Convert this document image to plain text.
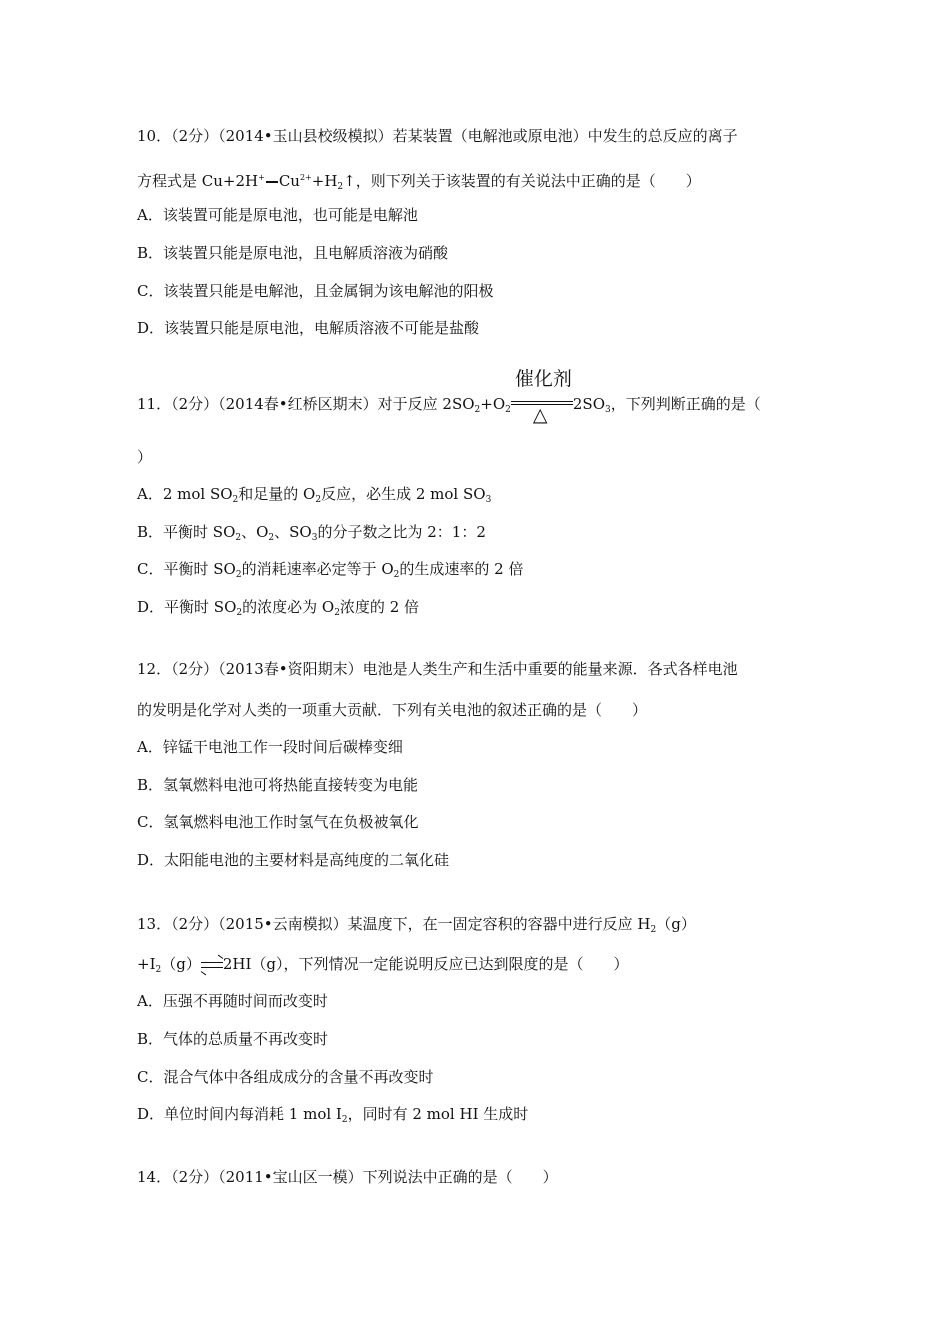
10．（2分）（2014•玉山县校级模拟）若某装置（电解池或原电池）中发生的总反应的离子
方程式是 Cu+2H+ $Cu^{2+}+H_2↑$，则下列关于该装置的有关说法中正确的是（　　）
A．该装置可能是原电池，也可能是电解池
B．该装置只能是原电池，且电解质溶液为硝酸
C．该装置只能是电解池，且金属铜为该电解池的阳极
D．该装置只能是原电池，电解质溶液不可能是盐酸
11．（2分）（2014春•红桥区期末）对于反应 $2SO_2+O_2$
催化剂
△ $2SO_3$，下列判断正确的是（
）
A．2 mol $SO_2$和足量的 $O_2$反应，必生成 2 mol $SO_3$
B．平衡时 $SO_2$、$O_2$、$SO_3$的分子数之比为 2：1：2
C．平衡时 $SO_2$的消耗速率必定等于 $O_2$的生成速率的 2 倍
D．平衡时 $SO_2$的浓度必为 $O_2$浓度的 2 倍
12．（2分）（2013春•资阳期末）电池是人类生产和生活中重要的能量来源．各式各样电池
的发明是化学对人类的一项重大贡献．下列有关电池的叙述正确的是（　　）
A．锌锰干电池工作一段时间后碳棒变细
B．氢氧燃料电池可将热能直接转变为电能
C．氢氧燃料电池工作时氢气在负极被氧化
D．太阳能电池的主要材料是高纯度的二氧化硅
13．（2分）（2015•云南模拟）某温度下，在一固定容积的容器中进行反应 $H_2(g)$
$+I_2(g)\rightleftharpoons 2HI(g)$，下列情况一定能说明反应已达到限度的是（　　）
A．压强不再随时间而改变时
B．气体的总质量不再改变时
C．混合气体中各组成成分的含量不再改变时
D．单位时间内每消耗 1 mol $I_2$，同时有 2 mol HI 生成时
14．（2分）（2011•宝山区一模）下列说法中正确的是（　　）
